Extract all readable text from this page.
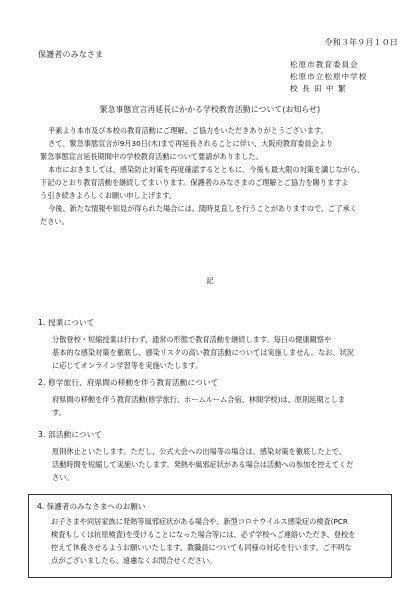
令和３年９月１０日
保護者のみなさま
松原市教育委員会
松原市立松原中学校
校 長 田 中 繁
緊急事態宣言再延長にかかる学校教育活動について(お知らせ)
平素より本市及び本校の教育活動にご理解、ご協力をいただきありがとうございます。
さて、緊急事態宣言が9月30日(木)まで再延長されることに伴い、大阪府教育委員会より
緊急事態宣言延長期間中の学校教育活動について要請がありました。
本市におきましては、感染防止対策を再度確認するとともに、今後も最大限の対策を講じながら、
下記のとおり教育活動を継続してまいります。保護者のみなさまのご理解とご協力を賜りますよ
う引き続きよろしくお願い申し上げます。
今後、新たな情報や知見が得られた場合には、随時見直しを行うことがありますので、ご了承く
ださい。
記
1. 授業について
分散登校・短縮授業は行わず、通常の形態で教育活動を継続します。毎日の健康観察や
基本的な感染対策を徹底し、感染リスクの高い教育活動については実施しません。なお、状況
に応じてオンライン学習等を実施いたします。
2. 修学旅行、府県間の移動を伴う教育活動について
府県間の移動を伴う教育活動(修学旅行、ホームルーム合宿、林間学校)は、原則延期としま
す。
3. 部活動について
原則休止といたします。ただし、公式大会への出場等の場合は、感染対策を徹底した上で、
活動時間を短縮して実施いたします。発熱や風邪症状がある場合は活動への参加を控えてくだ
さい。
4. 保護者のみなさまへのお願い
お子さまや同居家族に発熱等風邪症状がある場合や、新型コロナウイルス感染症の検査(PCR
検査もしくは抗原検査)を受けることになった場合等には、必ず学校へご連絡いただき、登校を
控えて休養させるようお願いいたします。教職員についても同様の対応を行います。ご不明な
点がございましたら、遠慮なくお問合せください。
